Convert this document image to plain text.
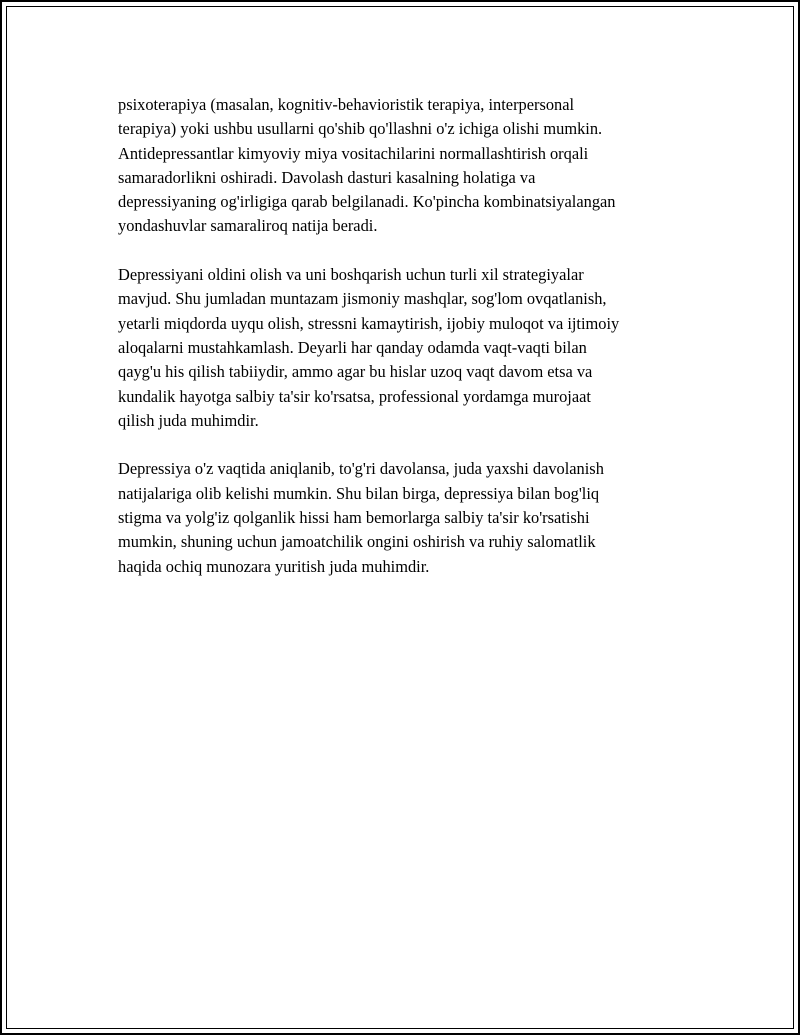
psixoterapiya (masalan, kognitiv-behavioristik terapiya, interpersonal
terapiya) yoki ushbu usullarni qo'shib qo'llashni o'z ichiga olishi mumkin.
Antidepressantlar kimyoviy miya vositachilarini normallashtirish orqali
samaradorlikni oshiradi. Davolash dasturi kasalning holatiga va
depressiyaning og'irligiga qarab belgilanadi. Ko'pincha kombinatsiyalangan
yondashuvlar samaraliroq natija beradi.

Depressiyani oldini olish va uni boshqarish uchun turli xil strategiyalar
mavjud. Shu jumladan muntazam jismoniy mashqlar, sog'lom ovqatlanish,
yetarli miqdorda uyqu olish, stressni kamaytirish, ijobiy muloqot va ijtimoiy
aloqalarni mustahkamlash. Deyarli har qanday odamda vaqt-vaqti bilan
qayg'u his qilish tabiiydir, ammo agar bu hislar uzoq vaqt davom etsa va
kundalik hayotga salbiy ta'sir ko'rsatsa, professional yordamga murojaat
qilish juda muhimdir.

Depressiya o'z vaqtida aniqlanib, to'g'ri davolansa, juda yaxshi davolanish
natijalariga olib kelishi mumkin. Shu bilan birga, depressiya bilan bog'liq
stigma va yolg'iz qolganlik hissi ham bemorlarga salbiy ta'sir ko'rsatishi
mumkin, shuning uchun jamoatchilik ongini oshirish va ruhiy salomatlik
haqida ochiq munozara yuritish juda muhimdir.
